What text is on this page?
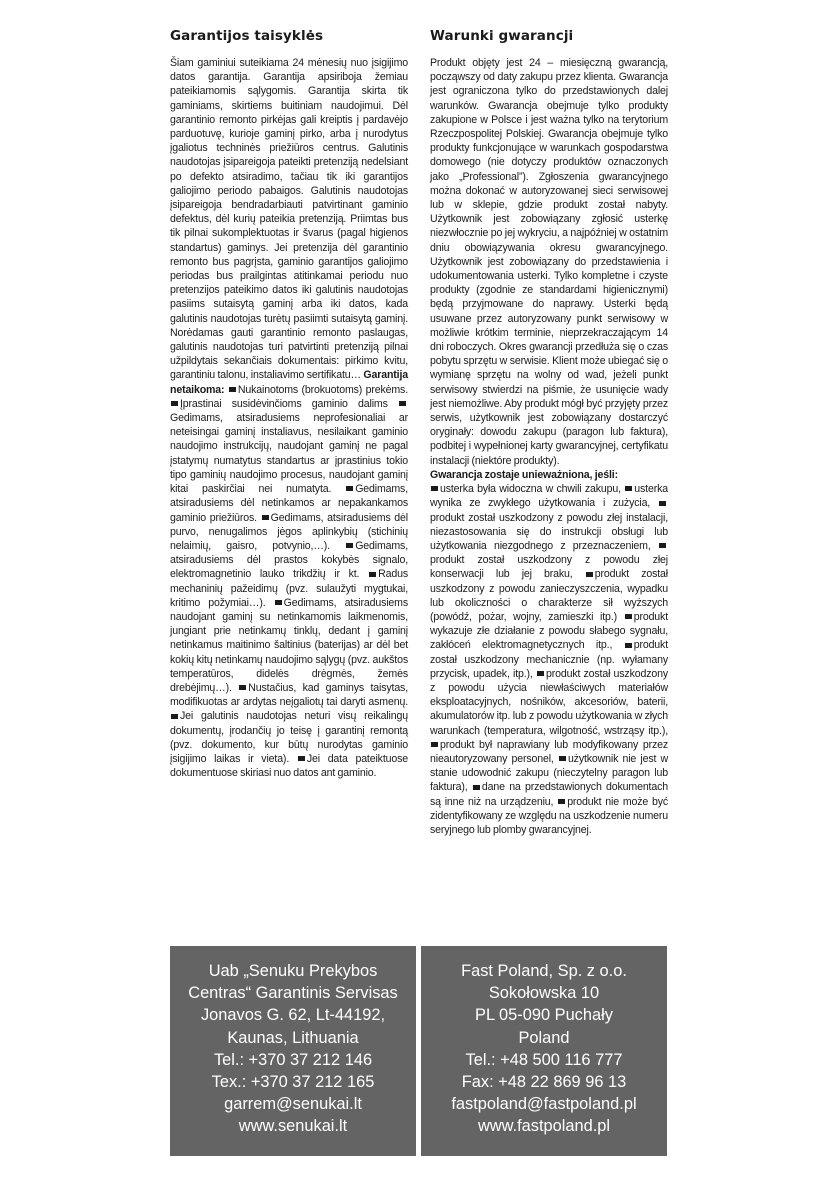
Garantijos taisyklės

Šiam gaminiui suteikiama 24 mėnesių nuo įsigijimo datos garantija. Garantija apsiriboja žemiau pateikiamomis sąlygomis. Garantija skirta tik gaminiams, skirtiems buitiniam naudojimui. Dėl garantinio remonto pirkėjas gali kreiptis į pardavėjo parduotuvę, kurioje gaminį pirko, arba į nurodytus įgaliotus techninės priežiūros centrus. Galutinis naudotojas įsipareigoja pateikti pretenziją nedelsiant po defekto atsiradimo, tačiau tik iki garantijos galiojimo periodo pabaigos. Galutinis naudotojas įsipareigoja bendradarbiauti patvirtinant gaminio defektus, dėl kurių pateikia pretenziją. Priimtas bus tik pilnai sukomplektuotas ir švarus (pagal higienos standartus) gaminys. Jei pretenzija dėl garantinio remonto bus pagrįsta, gaminio garantijos galiojimo periodas bus prailgintas atitinkamai periodu nuo pretenzijos pateikimo datos iki galutinis naudotojas pasiims sutaisytą gaminį arba iki datos, kada galutinis naudotojas turėtų pasiimti sutaisytą gaminį. Norėdamas gauti garantinio remonto paslaugas, galutinis naudotojas turi patvirtinti pretenziją pilnai užpildytais sekančiais dokumentais: pirkimo kvitu, garantiniu talonu, instaliavimo sertifikatu… Garantija netaikoma: Nukainotoms (brokuotoms) prekėms. Įprastinai susidėvinčioms gaminio dalims Gedimams, atsiradusiems neprofesionaliai ar neteisingai gaminį instaliavus, nesilaikant gaminio naudojimo instrukcijų, naudojant gaminį ne pagal įstatymų numatytus standartus ar įprastinius tokio tipo gaminių naudojimo procesus, naudojant gaminį kitai paskirčiai nei numatyta. Gedimams, atsiradusiems dėl netinkamos ar nepakankamos gaminio priežiūros. Gedimams, atsiradusiems dėl purvo, nenugalimos jėgos aplinkybių (stichinių nelaimių, gaisro, potvynio,…). Gedimams, atsiradusiems dėl prastos kokybės signalo, elektromagnetinio lauko trikdžių ir kt. Radus mechaninių pažeidimų (pvz. sulaužyti mygtukai, kritimo požymiai…). Gedimams, atsiradusiems naudojant gaminį su netinkamomis laikmenomis, jungiant prie netinkamų tinklų, dedant į gaminį netinkamus maitinimo šaltinius (baterijas) ar dėl bet kokių kitų netinkamų naudojimo sąlygų (pvz. aukštos temperatūros, didelės drėgmės, žemės drebėjimų…). Nustačius, kad gaminys taisytas, modifikuotas ar ardytas neįgaliotų tai daryti asmenų. Jei galutinis naudotojas neturi visų reikalingų dokumentų, įrodančių jo teisę į garantinį remontą (pvz. dokumento, kur būtų nurodytas gaminio įsigijimo laikas ir vieta). Jei data pateiktuose dokumentuose skiriasi nuo datos ant gaminio.

Warunki gwarancji

Produkt objęty jest 24 – miesięczną gwarancją, począwszy od daty zakupu przez klienta. Gwarancja jest ograniczona tylko do przedstawionych dalej warunków. Gwarancja obejmuje tylko produkty zakupione w Polsce i jest ważna tylko na terytorium Rzeczpospolitej Polskiej. Gwarancja obejmuje tylko produkty funkcjonujące w warunkach gospodarstwa domowego (nie dotyczy produktów oznaczonych jako „Professional”). Zgłoszenia gwarancyjnego można dokonać w autoryzowanej sieci serwisowej lub w sklepie, gdzie produkt został nabyty. Użytkownik jest zobowiązany zgłosić usterkę niezwłocznie po jej wykryciu, a najpóźniej w ostatnim dniu obowiązywania okresu gwarancyjnego. Użytkownik jest zobowiązany do przedstawienia i udokumentowania usterki. Tylko kompletne i czyste produkty (zgodnie ze standardami higienicznymi) będą przyjmowane do naprawy. Usterki będą usuwane przez autoryzowany punkt serwisowy w możliwie krótkim terminie, nieprzekraczającym 14 dni roboczych. Okres gwarancji przedłuża się o czas pobytu sprzętu w serwisie. Klient może ubiegać się o wymianę sprzętu na wolny od wad, jeżeli punkt serwisowy stwierdzi na piśmie, że usunięcie wady jest niemożliwe. Aby produkt mógł być przyjęty przez serwis, użytkownik jest zobowiązany dostarczyć oryginały: dowodu zakupu (paragon lub faktura), podbitej i wypełnionej karty gwarancyjnej, certyfikatu instalacji (niektóre produkty).

Gwarancja zostaje unieważniona, jeśli:

usterka była widoczna w chwili zakupu, usterka wynika ze zwykłego użytkowania i zużycia, produkt został uszkodzony z powodu złej instalacji, niezastosowania się do instrukcji obsługi lub użytkowania niezgodnego z przeznaczeniem, produkt został uszkodzony z powodu złej konserwacji lub jej braku, produkt został uszkodzony z powodu zanieczyszczenia, wypadku lub okoliczności o charakterze sił wyższych (powódź, pożar, wojny, zamieszki itp.) produkt wykazuje złe działanie z powodu słabego sygnału, zakłóceń elektromagnetycznych itp., produkt został uszkodzony mechanicznie (np. wyłamany przycisk, upadek, itp.), produkt został uszkodzony z powodu użycia niewłaściwych materiałów eksploatacyjnych, nośników, akcesoriów, baterii, akumulatorów itp. lub z powodu użytkowania w złych warunkach (temperatura, wilgotność, wstrząsy itp.), produkt był naprawiany lub modyfikowany przez nieautoryzowany personel, użytkownik nie jest w stanie udowodnić zakupu (nieczytelny paragon lub faktura), dane na przedstawionych dokumentach są inne niż na urządzeniu, produkt nie może być zidentyfikowany ze względu na uszkodzenie numeru seryjnego lub plomby gwarancyjnej.

Uab „Senuku Prekybos
Centras“ Garantinis Servisas
Jonavos G. 62, Lt-44192,
Kaunas, Lithuania
Tel.: +370 37 212 146
Tex.: +370 37 212 165
garrem@senukai.lt
www.senukai.lt
Fast Poland, Sp. z o.o.
Sokołowska 10
PL 05-090 Puchały
Poland
Tel.: +48 500 116 777
Fax: +48 22 869 96 13
fastpoland@fastpoland.pl
www.fastpoland.pl
